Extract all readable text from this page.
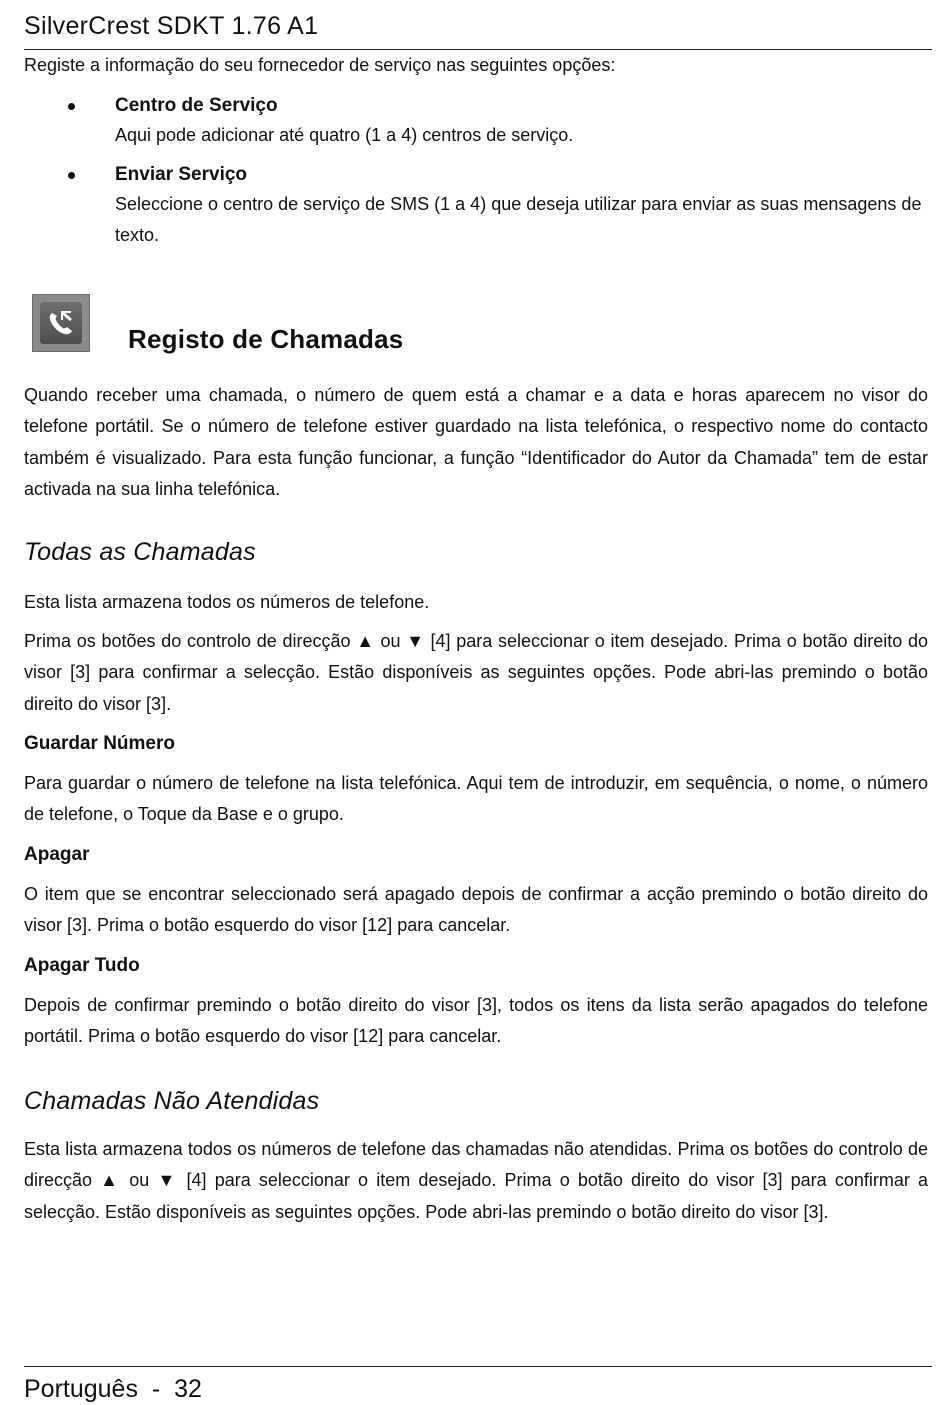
SilverCrest SDKT 1.76 A1
Registe a informação do seu fornecedor de serviço nas seguintes opções:
Centro de Serviço
Aqui pode adicionar até quatro (1 a 4) centros de serviço.
Enviar Serviço
Seleccione o centro de serviço de SMS (1 a 4) que deseja utilizar para enviar as suas mensagens de texto.
Registo de Chamadas
Quando receber uma chamada, o número de quem está a chamar e a data e horas aparecem no visor do telefone portátil. Se o número de telefone estiver guardado na lista telefónica, o respectivo nome do contacto também é visualizado. Para esta função funcionar, a função “Identificador do Autor da Chamada” tem de estar activada na sua linha telefónica.
Todas as Chamadas
Esta lista armazena todos os números de telefone.
Prima os botões do controlo de direcção ▲ ou ▼ [4] para seleccionar o item desejado. Prima o botão direito do visor [3] para confirmar a selecção. Estão disponíveis as seguintes opções. Pode abri-las premindo o botão direito do visor [3].
Guardar Número
Para guardar o número de telefone na lista telefónica. Aqui tem de introduzir, em sequência, o nome, o número de telefone, o Toque da Base e o grupo.
Apagar
O item que se encontrar seleccionado será apagado depois de confirmar a acção premindo o botão direito do visor [3]. Prima o botão esquerdo do visor [12] para cancelar.
Apagar Tudo
Depois de confirmar premindo o botão direito do visor [3], todos os itens da lista serão apagados do telefone portátil. Prima o botão esquerdo do visor [12] para cancelar.
Chamadas Não Atendidas
Esta lista armazena todos os números de telefone das chamadas não atendidas. Prima os botões do controlo de direcção ▲ ou ▼ [4] para seleccionar o item desejado. Prima o botão direito do visor [3] para confirmar a selecção. Estão disponíveis as seguintes opções. Pode abri-las premindo o botão direito do visor [3].
Português  -  32
